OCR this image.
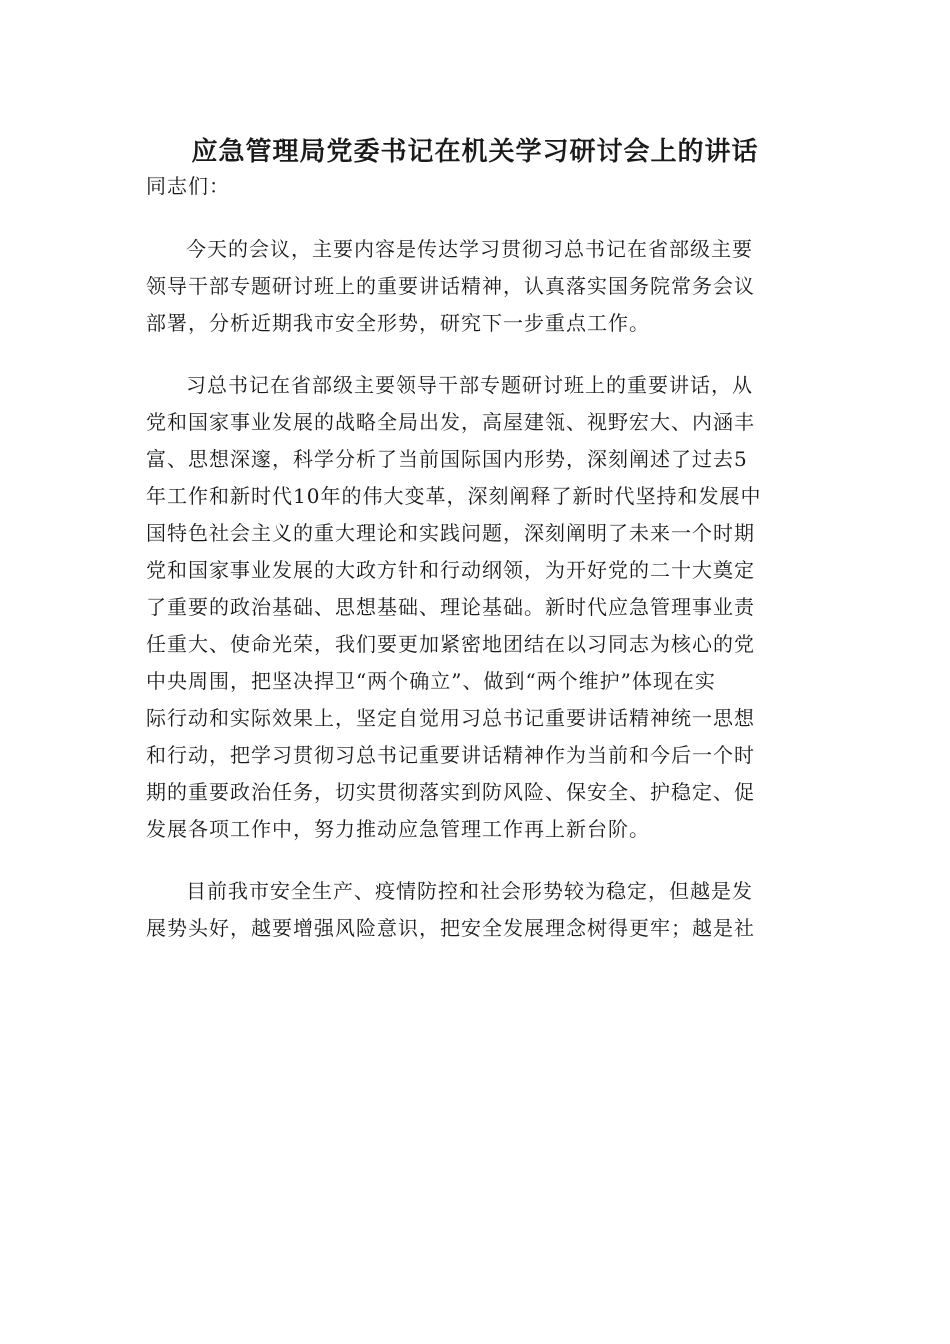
应急管理局党委书记在机关学习研讨会上的讲话

同志们：

今天的会议，主要内容是传达学习贯彻习总书记在省部级主要
领导干部专题研讨班上的重要讲话精神，认真落实国务院常务会议
部署，分析近期我市安全形势，研究下一步重点工作。
习总书记在省部级主要领导干部专题研讨班上的重要讲话，从
党和国家事业发展的战略全局出发，高屋建瓴、视野宏大、内涵丰
富、思想深邃，科学分析了当前国际国内形势，深刻阐述了过去5
年工作和新时代10年的伟大变革，深刻阐释了新时代坚持和发展中
国特色社会主义的重大理论和实践问题，深刻阐明了未来一个时期
党和国家事业发展的大政方针和行动纲领，为开好党的二十大奠定
了重要的政治基础、思想基础、理论基础。新时代应急管理事业责
任重大、使命光荣，我们要更加紧密地团结在以习同志为核心的党
中央周围，把坚决捍卫“两个确立”、做到“两个维护”体现在实
际行动和实际效果上，坚定自觉用习总书记重要讲话精神统一思想
和行动，把学习贯彻习总书记重要讲话精神作为当前和今后一个时
期的重要政治任务，切实贯彻落实到防风险、保安全、护稳定、促
发展各项工作中，努力推动应急管理工作再上新台阶。
目前我市安全生产、疫情防控和社会形势较为稳定，但越是发
展势头好，越要增强风险意识，把安全发展理念树得更牢；越是社
